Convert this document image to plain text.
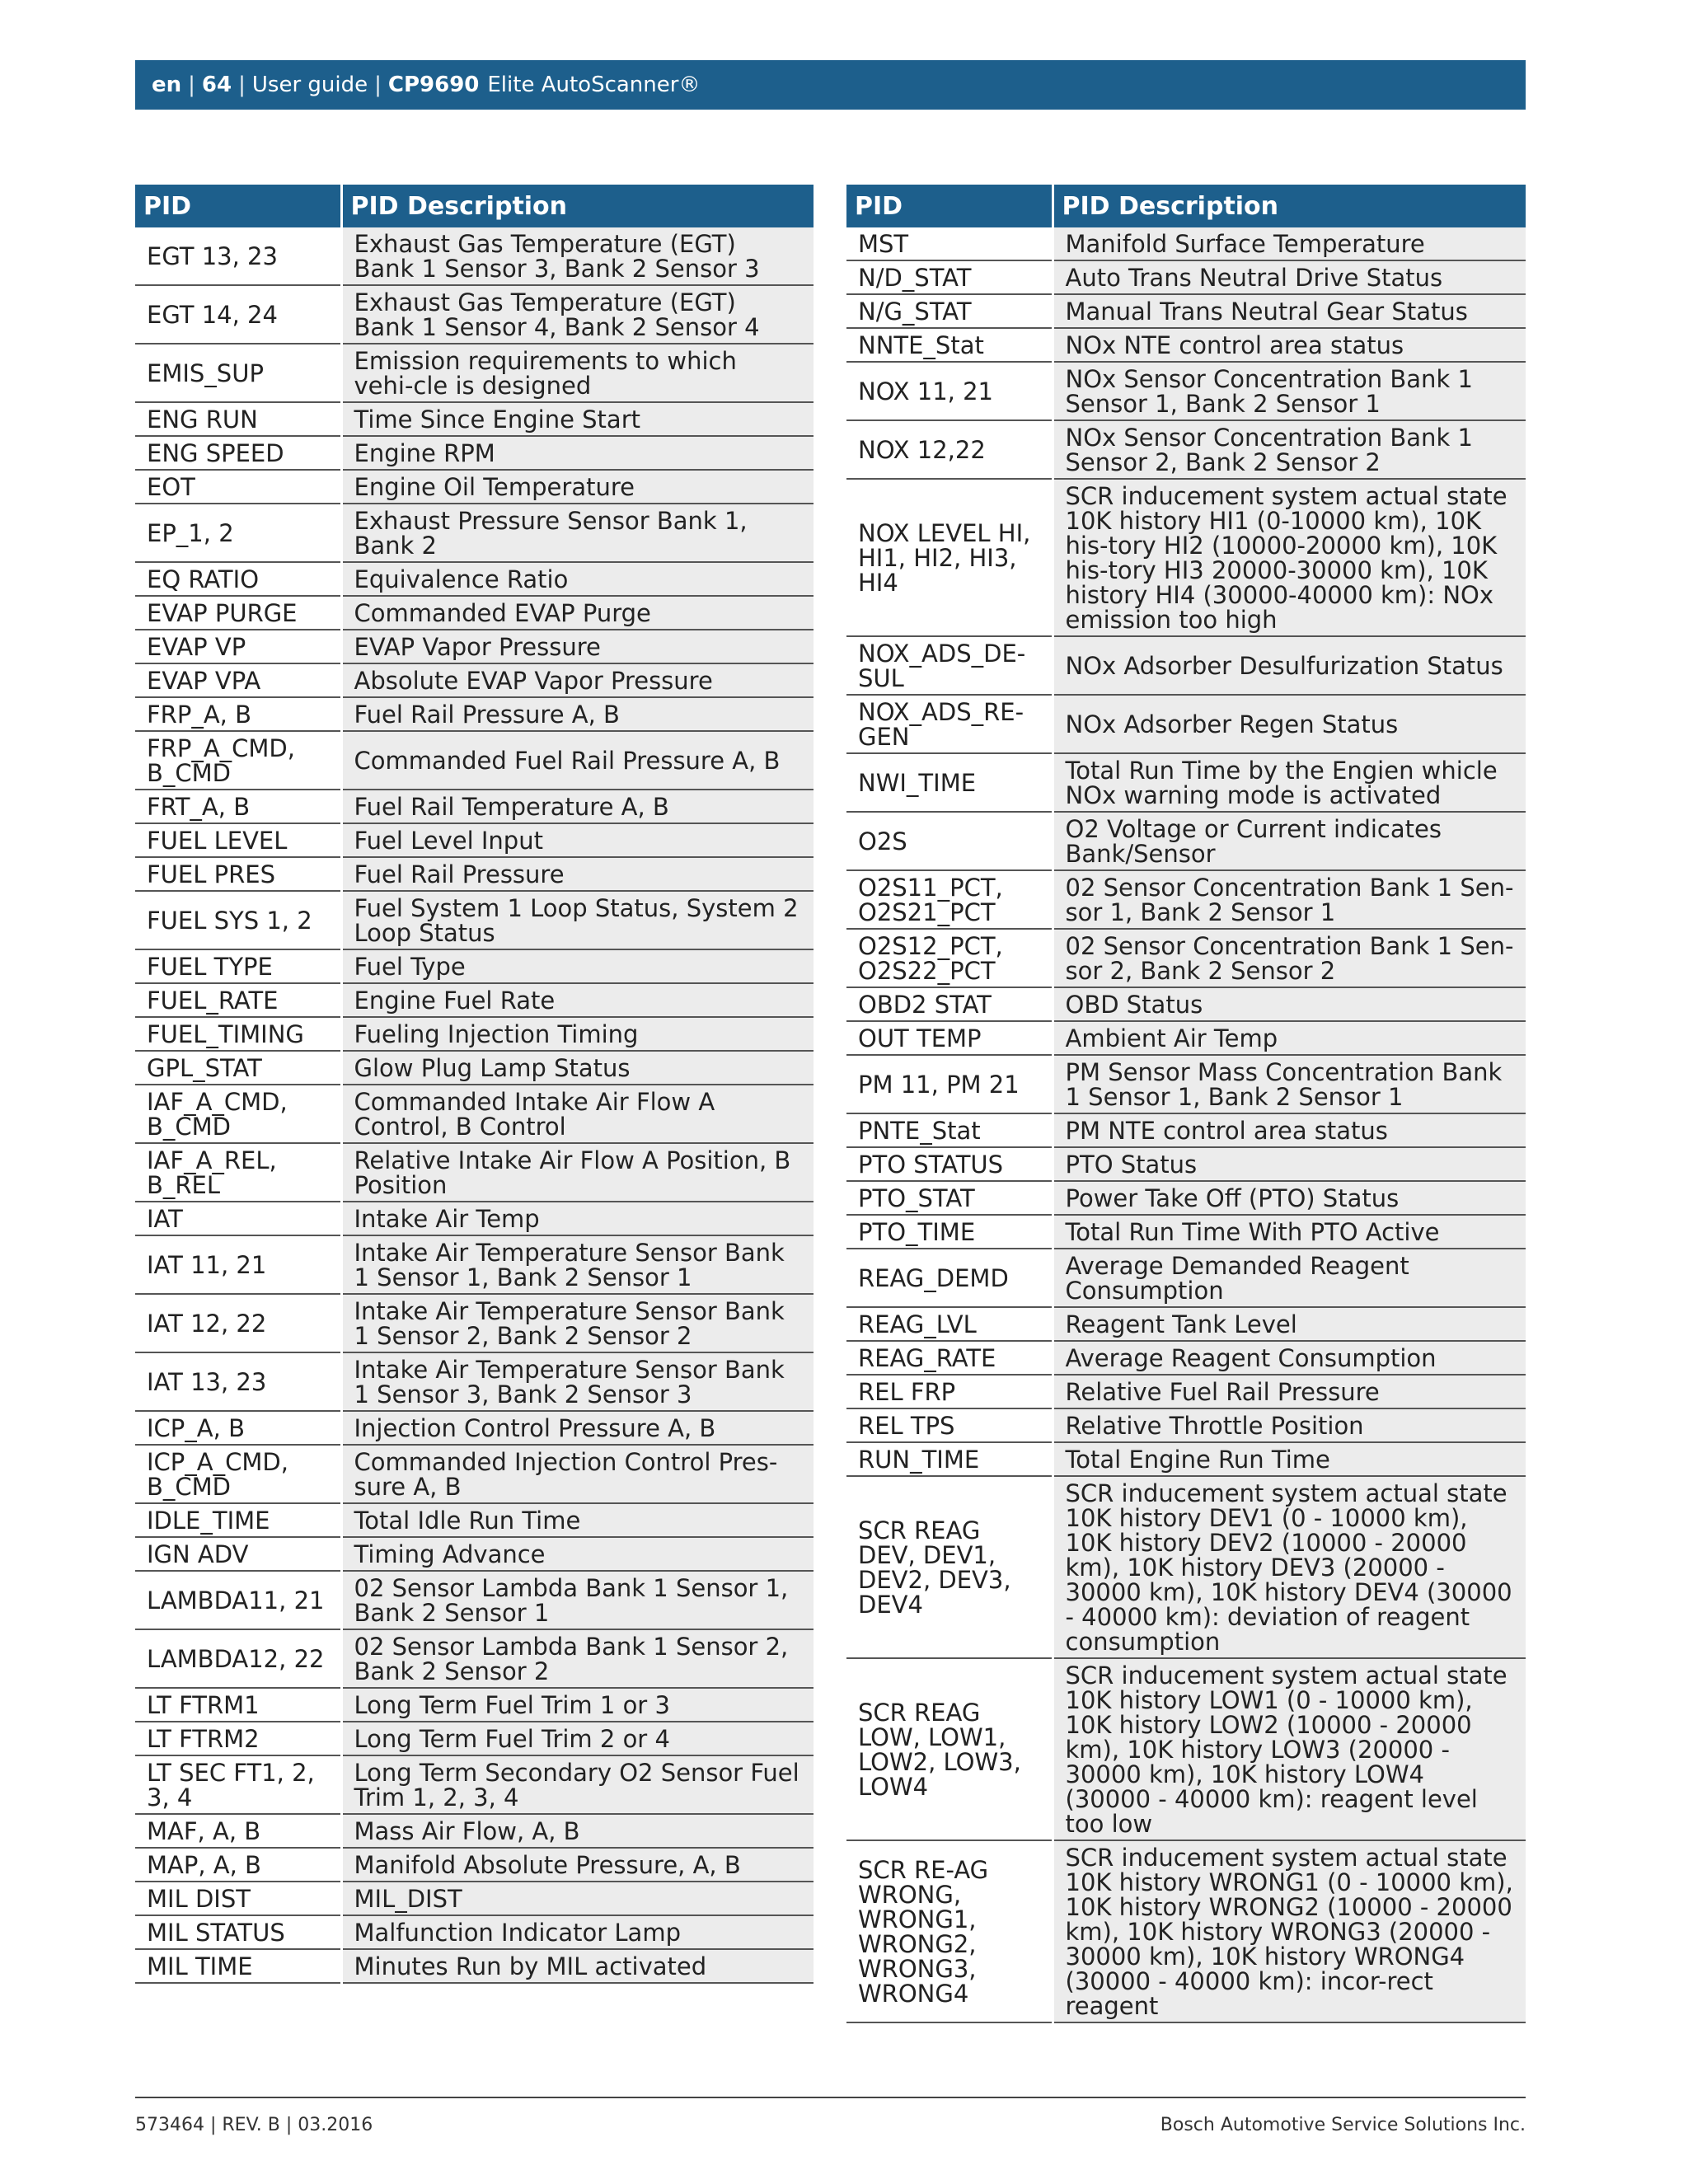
en | 64 | User guide | CP9690 Elite AutoScanner®
PID	PID Description
EGT 13, 23	Exhaust Gas Temperature (EGT) Bank 1 Sensor 3, Bank 2 Sensor 3
EGT 14, 24	Exhaust Gas Temperature (EGT) Bank 1 Sensor 4, Bank 2 Sensor 4
EMIS_SUP	Emission requirements to which vehi-cle is designed
ENG RUN	Time Since Engine Start
ENG SPEED	Engine RPM
EOT	Engine Oil Temperature
EP_1, 2	Exhaust Pressure Sensor Bank 1, Bank 2
EQ RATIO	Equivalence Ratio
EVAP PURGE	Commanded EVAP Purge
EVAP VP	EVAP Vapor Pressure
EVAP VPA	Absolute EVAP Vapor Pressure
FRP_A, B	Fuel Rail Pressure A, B
FRP_A_CMD, B_CMD	Commanded Fuel Rail Pressure A, B
FRT_A, B	Fuel Rail Temperature A, B
FUEL LEVEL	Fuel Level Input
FUEL PRES	Fuel Rail Pressure
FUEL SYS 1, 2	Fuel System 1 Loop Status, System 2 Loop Status
FUEL TYPE	Fuel Type
FUEL_RATE	Engine Fuel Rate
FUEL_TIMING	Fueling Injection Timing
GPL_STAT	Glow Plug Lamp Status
IAF_A_CMD, B_CMD	Commanded Intake Air Flow A Control, B Control
IAF_A_REL, B_REL	Relative Intake Air Flow A Position, B Position
IAT	Intake Air Temp
IAT 11, 21	Intake Air Temperature Sensor Bank 1 Sensor 1, Bank 2 Sensor 1
IAT 12, 22	Intake Air Temperature Sensor Bank 1 Sensor 2, Bank 2 Sensor 2
IAT 13, 23	Intake Air Temperature Sensor Bank 1 Sensor 3, Bank 2 Sensor 3
ICP_A, B	Injection Control Pressure A, B
ICP_A_CMD, B_CMD	Commanded Injection Control Pres-sure A, B
IDLE_TIME	Total Idle Run Time
IGN ADV	Timing Advance
LAMBDA11, 21	02 Sensor Lambda Bank 1 Sensor 1, Bank 2 Sensor 1
LAMBDA12, 22	02 Sensor Lambda Bank 1 Sensor 2, Bank 2 Sensor 2
LT FTRM1	Long Term Fuel Trim 1 or 3
LT FTRM2	Long Term Fuel Trim 2 or 4
LT SEC FT1, 2, 3, 4	Long Term Secondary O2 Sensor Fuel Trim 1, 2, 3, 4
MAF, A, B	Mass Air Flow, A, B
MAP, A, B	Manifold Absolute Pressure, A, B
MIL DIST	MIL_DIST
MIL STATUS	Malfunction Indicator Lamp
MIL TIME	Minutes Run by MIL activated
PID	PID Description
MST	Manifold Surface Temperature
N/D_STAT	Auto Trans Neutral Drive Status
N/G_STAT	Manual Trans Neutral Gear Status
NNTE_Stat	NOx NTE control area status
NOX 11, 21	NOx Sensor Concentration Bank 1 Sensor 1, Bank 2 Sensor 1
NOX 12,22	NOx Sensor Concentration Bank 1 Sensor 2, Bank 2 Sensor 2
NOX LEVEL HI, HI1, HI2, HI3, HI4	SCR inducement system actual state 10K history HI1 (0-10000 km), 10K his-tory HI2 (10000-20000 km), 10K his-tory HI3 20000-30000 km), 10K history HI4 (30000-40000 km): NOx emission too high
NOX_ADS_DE-SUL	NOx Adsorber Desulfurization Status
NOX_ADS_RE-GEN	NOx Adsorber Regen Status
NWI_TIME	Total Run Time by the Engien whicle NOx warning mode is activated
O2S	O2 Voltage or Current indicates Bank/Sensor
O2S11_PCT, O2S21_PCT	02 Sensor Concentration Bank 1 Sen-sor 1, Bank 2 Sensor 1
O2S12_PCT, O2S22_PCT	02 Sensor Concentration Bank 1 Sen-sor 2, Bank 2 Sensor 2
OBD2 STAT	OBD Status
OUT TEMP	Ambient Air Temp
PM 11, PM 21	PM Sensor Mass Concentration Bank 1 Sensor 1, Bank 2 Sensor 1
PNTE_Stat	PM NTE control area status
PTO STATUS	PTO Status
PTO_STAT	Power Take Off (PTO) Status
PTO_TIME	Total Run Time With PTO Active
REAG_DEMD	Average Demanded Reagent Consumption
REAG_LVL	Reagent Tank Level
REAG_RATE	Average Reagent Consumption
REL FRP	Relative Fuel Rail Pressure
REL TPS	Relative Throttle Position
RUN_TIME	Total Engine Run Time
SCR REAG DEV, DEV1, DEV2, DEV3, DEV4	SCR inducement system actual state 10K history DEV1 (0 - 10000 km), 10K history DEV2 (10000 - 20000 km), 10K history DEV3 (20000 - 30000 km), 10K history DEV4 (30000 - 40000 km): deviation of reagent consumption
SCR REAG LOW, LOW1, LOW2, LOW3, LOW4	SCR inducement system actual state 10K history LOW1 (0 - 10000 km), 10K history LOW2 (10000 - 20000 km), 10K history LOW3 (20000 - 30000 km), 10K history LOW4 (30000 - 40000 km): reagent level too low
SCR RE-AG WRONG, WRONG1, WRONG2, WRONG3, WRONG4	SCR inducement system actual state 10K history WRONG1 (0 - 10000 km), 10K history WRONG2 (10000 - 20000 km), 10K history WRONG3 (20000 - 30000 km), 10K history WRONG4 (30000 - 40000 km): incor-rect reagent
573464 | REV. B | 03.2016	Bosch Automotive Service Solutions Inc.
